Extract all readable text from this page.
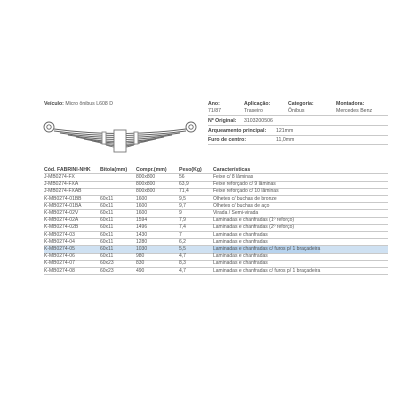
Veículo: Micro ônibus L608 D	Ano:
71/87
Aplicação:
Traseiro
Categoria:
Ônibus
Montadora:
Mercedes Benz
Nº Original: 3103200506
Arqueamento principal: 121mm
Furo de centro:	11,0mm
Cód. FABRINI-NHK Bitola(mm) Compr.(mm) Peso(Kg) Características
J-MB0274-FX	800x800	56	Feixe c/ 8 lâminas
J-MB0274-FXA	800x800	63,9	Feixe reforçado c/ 9 lâminas
J-MB0274-FXAB	800x800	71,4	Feixe reforçado c/ 10 lâminas
K-MB0274-01BB	60x11	1600	9,5	Olhetes c/ buchas de bronze
K-MB0274-01BA	60x11	1600	9,7	Olhetes c/ buchas de aço
K-MB0274-02V	60x11	1600	9	Virada / Semi-virada
K-MB0274-02A	60x11	1594	7,9	Laminadas e chanfradas (1º reforço)
K-MB0274-02B	60x11	1496	7,4	Laminadas e chanfradas (2º reforço)
K-MB0274-03	60x11	1430	7	Laminadas e chanfradas
K-MB0274-04	60x11	1280	6,2	Laminadas e chanfradas
K-MB0274-05	60x11	1030	5,5	Laminadas e chanfradas c/ furos p/ 1 braçadeira
K-MB0274-06	60x11	980	4,7	Laminadas e chanfradas
K-MB0274-07	60x23	830	8,3	Laminadas e chanfradas
K-MB0274-08	60x23	490	4,7	Laminadas e chanfradas c/ furos p/ 1 braçadeira
